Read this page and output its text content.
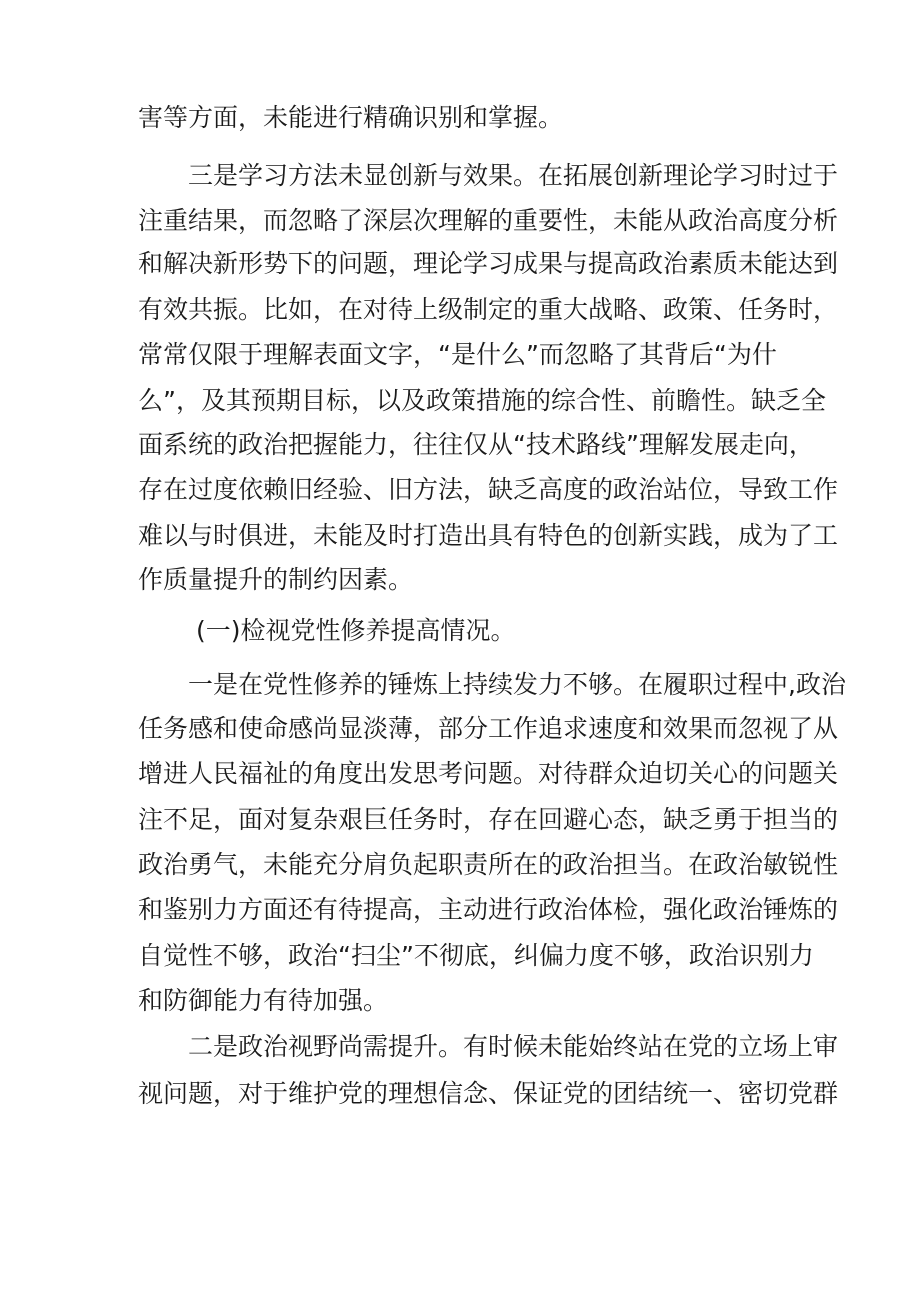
害等方面，未能进行精确识别和掌握。
三是学习方法未显创新与效果。在拓展创新理论学习时过于
注重结果，而忽略了深层次理解的重要性，未能从政治高度分析
和解决新形势下的问题，理论学习成果与提高政治素质未能达到
有效共振。比如，在对待上级制定的重大战略、政策、任务时，
常常仅限于理解表面文字，“是什么”而忽略了其背后“为什
么”，及其预期目标，以及政策措施的综合性、前瞻性。缺乏全
面系统的政治把握能力，往往仅从“技术路线”理解发展走向，
存在过度依赖旧经验、旧方法，缺乏高度的政治站位，导致工作
难以与时俱进，未能及时打造出具有特色的创新实践，成为了工
作质量提升的制约因素。
(一)检视党性修养提高情况。
一是在党性修养的锤炼上持续发力不够。在履职过程中,政治
任务感和使命感尚显淡薄，部分工作追求速度和效果而忽视了从
增进人民福祉的角度出发思考问题。对待群众迫切关心的问题关
注不足，面对复杂艰巨任务时，存在回避心态，缺乏勇于担当的
政治勇气，未能充分肩负起职责所在的政治担当。在政治敏锐性
和鉴别力方面还有待提高，主动进行政治体检，强化政治锤炼的
自觉性不够，政治“扫尘”不彻底，纠偏力度不够，政治识别力
和防御能力有待加强。
二是政治视野尚需提升。有时候未能始终站在党的立场上审
视问题，对于维护党的理想信念、保证党的团结统一、密切党群
